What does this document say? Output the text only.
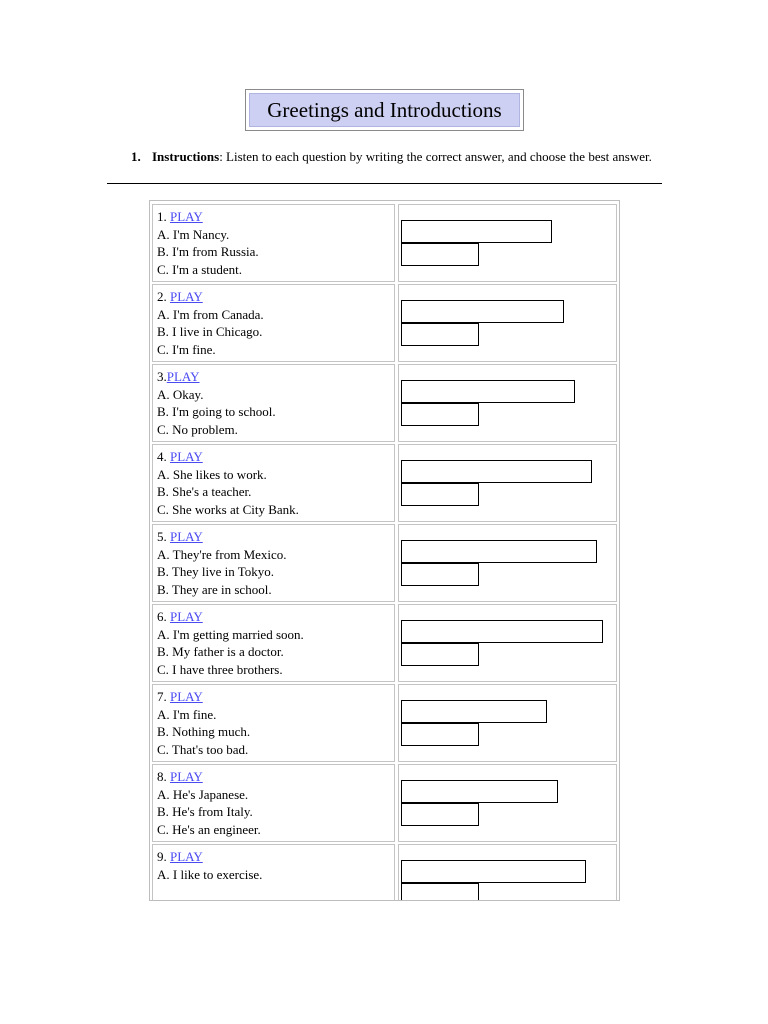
Greetings and Introductions
1. Instructions: Listen to each question by writing the correct answer, and choose the best answer.
1. PLAY
A. I'm Nancy.
B. I'm from Russia.
C. I'm a student.
2. PLAY
A. I'm from Canada.
B. I live in Chicago.
C. I'm fine.
3.PLAY
A. Okay.
B. I'm going to school.
C. No problem.
4. PLAY
A. She likes to work.
B. She's a teacher.
C. She works at City Bank.
5. PLAY
A. They're from Mexico.
B. They live in Tokyo.
B. They are in school.
6. PLAY
A. I'm getting married soon.
B. My father is a doctor.
C. I have three brothers.
7. PLAY
A. I'm fine.
B. Nothing much.
C. That's too bad.
8. PLAY
A. He's Japanese.
B. He's from Italy.
C. He's an engineer.
9. PLAY
A. I like to exercise.
